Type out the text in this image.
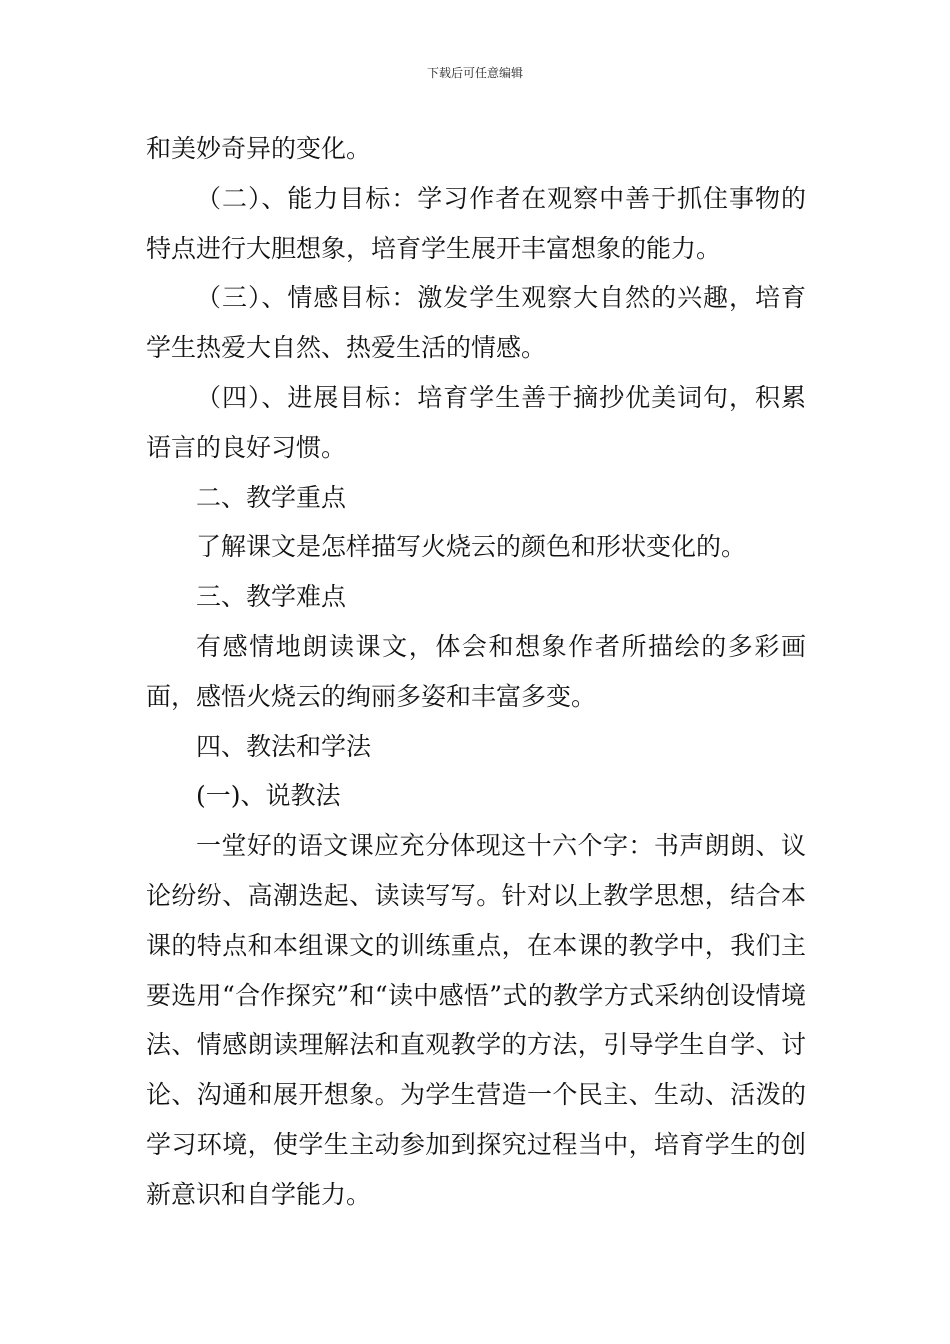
下载后可任意编辑

和美妙奇异的变化。

（二）、能力目标：学习作者在观察中善于抓住事物的特点进行大胆想象，培育学生展开丰富想象的能力。

（三）、情感目标：激发学生观察大自然的兴趣，培育学生热爱大自然、热爱生活的情感。

（四）、进展目标：培育学生善于摘抄优美词句，积累语言的良好习惯。

二、教学重点

了解课文是怎样描写火烧云的颜色和形状变化的。

三、教学难点

有感情地朗读课文，体会和想象作者所描绘的多彩画面，感悟火烧云的绚丽多姿和丰富多变。

四、教法和学法

(一)、说教法

一堂好的语文课应充分体现这十六个字：书声朗朗、议论纷纷、高潮迭起、读读写写。针对以上教学思想，结合本课的特点和本组课文的训练重点，在本课的教学中，我们主要选用“合作探究”和“读中感悟”式的教学方式采纳创设情境法、情感朗读理解法和直观教学的方法，引导学生自学、讨论、沟通和展开想象。为学生营造一个民主、生动、活泼的学习环境，使学生主动参加到探究过程当中，培育学生的创新意识和自学能力。
